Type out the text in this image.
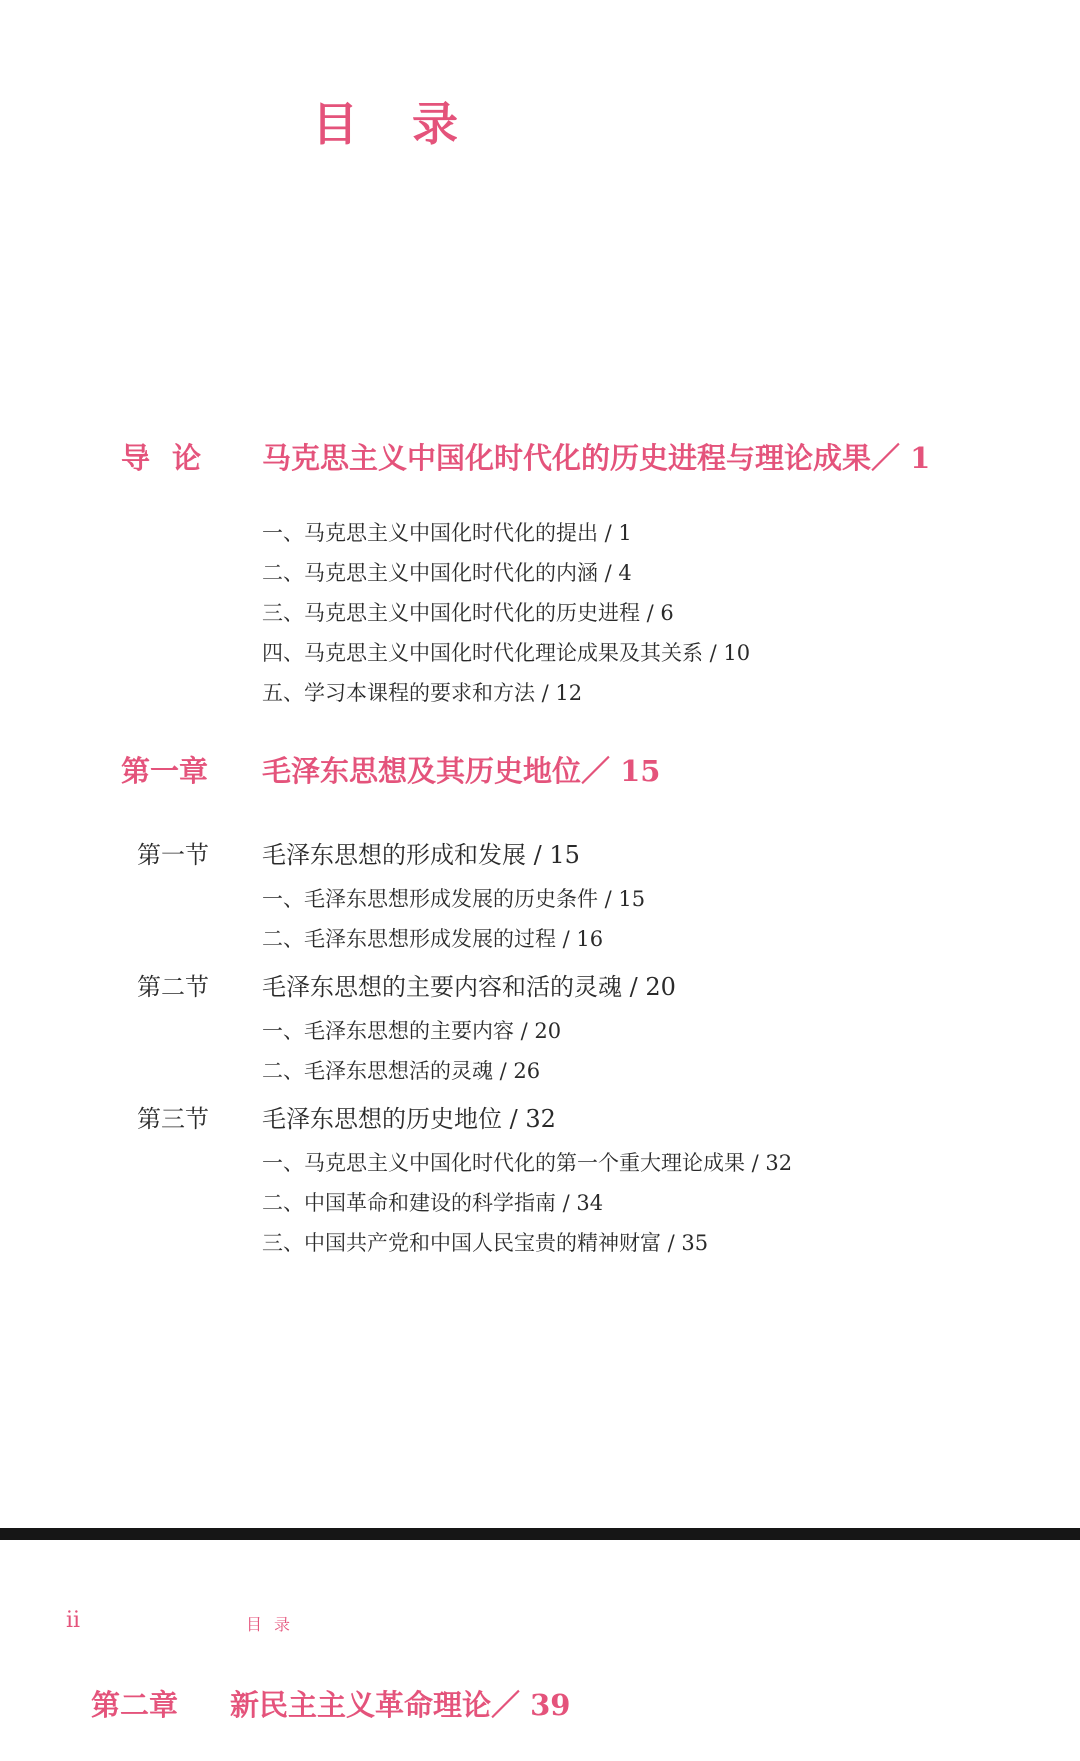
目录
导论 马克思主义中国化时代化的历史进程与理论成果／ 1
一、马克思主义中国化时代化的提出 / 1
二、马克思主义中国化时代化的内涵 / 4
三、马克思主义中国化时代化的历史进程 / 6
四、马克思主义中国化时代化理论成果及其关系 / 10
五、学习本课程的要求和方法 / 12
第一章 毛泽东思想及其历史地位／ 15
第一节 毛泽东思想的形成和发展 / 15
一、毛泽东思想形成发展的历史条件 / 15
二、毛泽东思想形成发展的过程 / 16
第二节 毛泽东思想的主要内容和活的灵魂 / 20
一、毛泽东思想的主要内容 / 20
二、毛泽东思想活的灵魂 / 26
第三节 毛泽东思想的历史地位 / 32
一、马克思主义中国化时代化的第一个重大理论成果 / 32
二、中国革命和建设的科学指南 / 34
三、中国共产党和中国人民宝贵的精神财富 / 35
ii	目录
第二章 新民主主义革命理论／ 39
